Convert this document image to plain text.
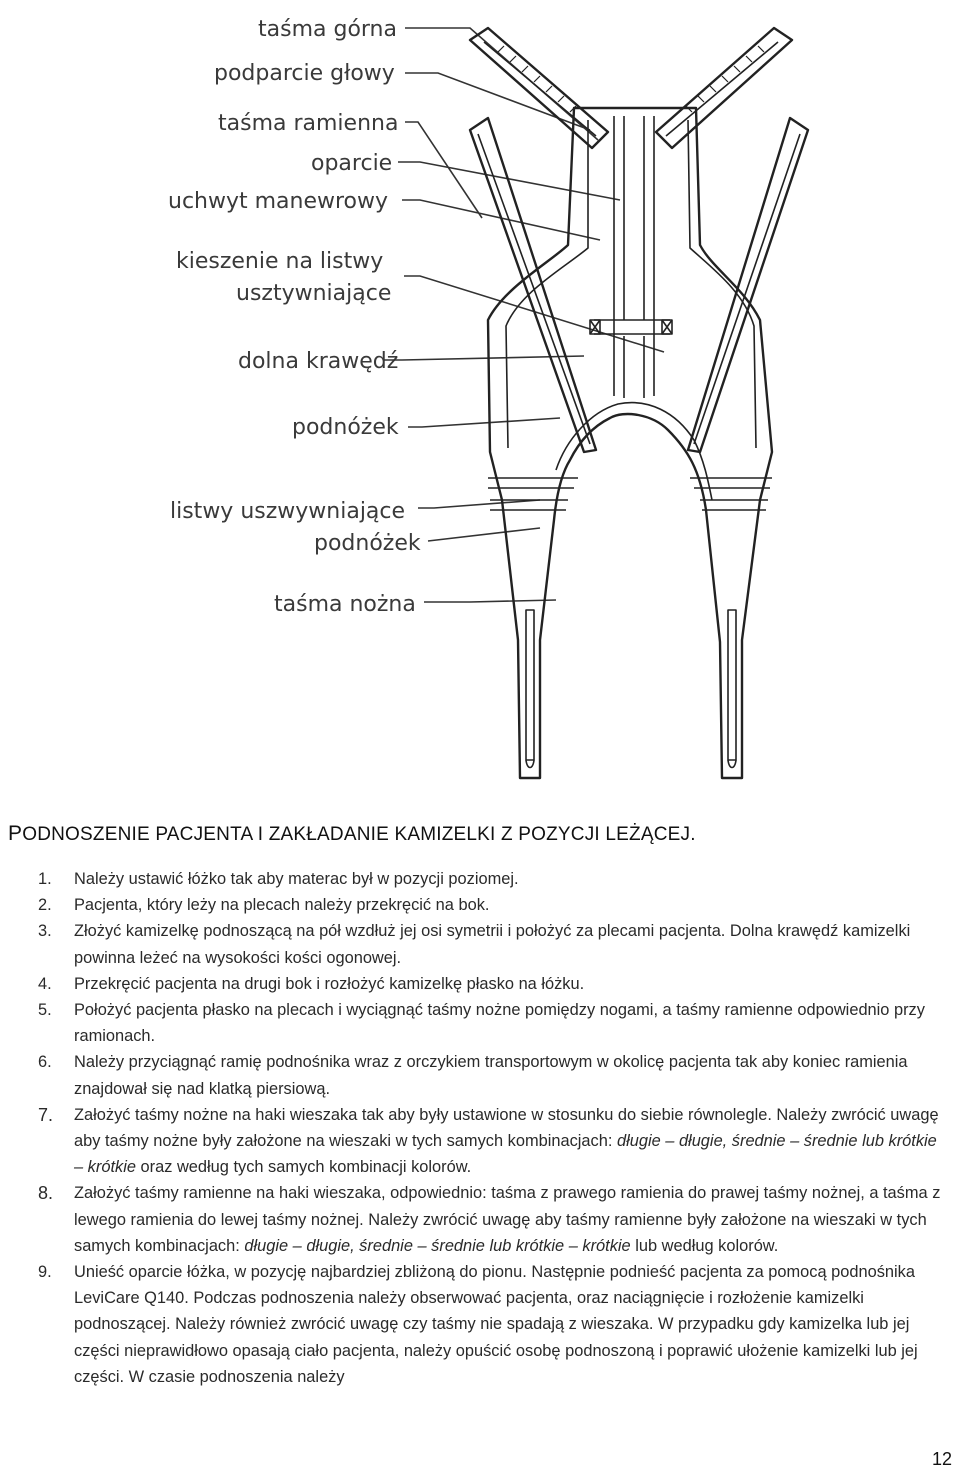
taśma górna
podparcie głowy
taśma ramienna
oparcie
uchwyt manewrowy
kieszenie na listwy
usztywniające
dolna krawędź
podnóżek
listwy uszwywniające
podnóżek
taśma nożna
PODNOSZENIE PACJENTA I ZAKŁADANIE KAMIZELKI Z POZYCJI LEŻĄCEJ.
1. Należy ustawić łóżko tak aby materac był w pozycji poziomej.
2. Pacjenta, który leży na plecach należy przekręcić na bok.
3. Złożyć kamizelkę podnoszącą na pół wzdłuż jej osi symetrii i położyć za plecami pacjenta. Dolna krawędź kamizelki powinna leżeć na wysokości kości ogonowej.
4. Przekręcić pacjenta na drugi bok i rozłożyć kamizelkę płasko na łóżku.
5. Położyć pacjenta płasko na plecach i wyciągnąć taśmy nożne pomiędzy nogami, a taśmy ramienne odpowiednio przy ramionach.
6. Należy przyciągnąć ramię podnośnika wraz z orczykiem transportowym w okolicę pacjenta tak aby koniec ramienia znajdował się nad klatką piersiową.
7. Założyć taśmy nożne na haki wieszaka tak aby były ustawione w stosunku do siebie równolegle. Należy zwrócić uwagę aby taśmy nożne były założone na wieszaki w tych samych kombinacjach: długie – długie, średnie – średnie lub krótkie – krótkie oraz według tych samych kombinacji kolorów.
8. Założyć taśmy ramienne na haki wieszaka, odpowiednio: taśma z prawego ramienia do prawej taśmy nożnej, a taśma z lewego ramienia do lewej taśmy nożnej. Należy zwrócić uwagę aby taśmy ramienne były założone na wieszaki w tych samych kombinacjach: długie – długie, średnie – średnie lub krótkie – krótkie lub według kolorów.
9. Unieść oparcie łóżka, w pozycję najbardziej zbliżoną do pionu. Następnie podnieść pacjenta za pomocą podnośnika LeviCare Q140. Podczas podnoszenia należy obserwować pacjenta, oraz naciągnięcie i rozłożenie kamizelki podnoszącej. Należy również zwrócić uwagę czy taśmy nie spadają z wieszaka. W przypadku gdy kamizelka lub jej części nieprawidłowo opasają ciało pacjenta, należy opuścić osobę podnoszoną i poprawić ułożenie kamizelki lub jej części. W czasie podnoszenia należy
12
